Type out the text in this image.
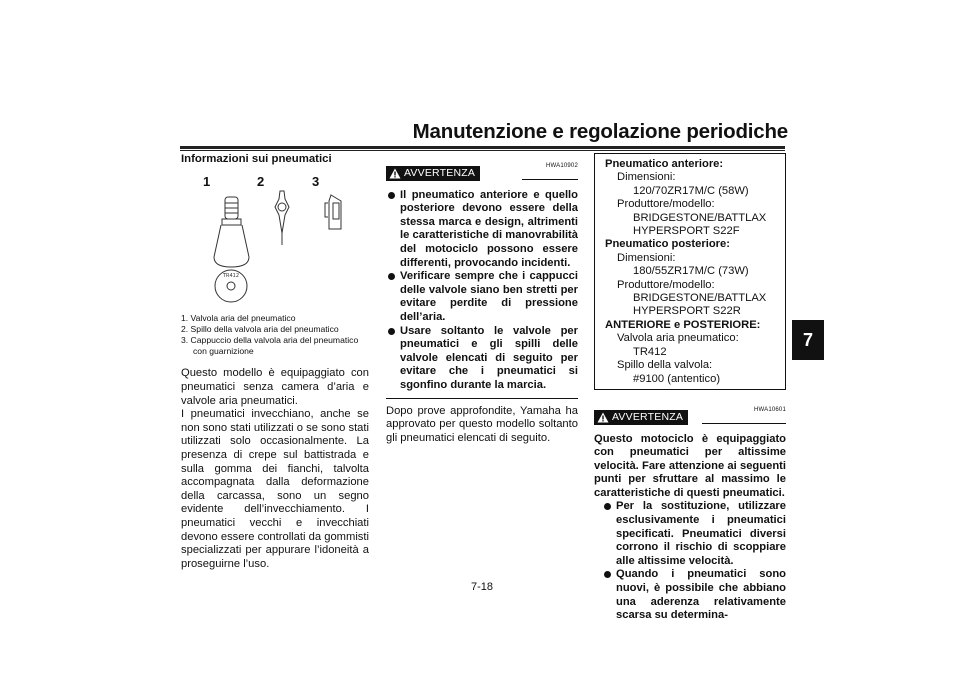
Manutenzione e regolazione periodiche
7
Informazioni sui pneumatici
1	2	3
TR412
1. Valvola aria del pneumatico
2. Spillo della valvola aria del pneumatico
3. Cappuccio della valvola aria del pneumatico con guarnizione

Questo modello è equipaggiato con pneumatici senza camera d’aria e valvole aria pneumatici.

I pneumatici invecchiano, anche se non sono stati utilizzati o se sono stati utilizzati solo occasionalmente. La presenza di crepe sul battistrada e sulla gomma dei fianchi, talvolta accompagnata dalla deformazione della carcassa, sono un segno evidente dell’invecchiamento. I pneumatici vecchi e invecchiati devono essere controllati da gommisti specializzati per appurare l’idoneità a proseguirne l’uso.

AVVERTENZA
HWA10902
Il pneumatico anteriore e quello posteriore devono essere della stessa marca e design, altrimenti le caratteristiche di manovrabilità del motociclo possono essere differenti, provocando incidenti.
Verificare sempre che i cappucci delle valvole siano ben stretti per evitare perdite di pressione dell’aria.
Usare soltanto le valvole per pneumatici e gli spilli delle valvole elencati di seguito per evitare che i pneumatici si sgonfino durante la marcia.
Dopo prove approfondite, Yamaha ha approvato per questo modello soltanto gli pneumatici elencati di seguito.
Pneumatico anteriore:
Dimensioni:
120/70ZR17M/C (58W)
Produttore/modello:
BRIDGESTONE/BATTLAX
HYPERSPORT S22F
Pneumatico posteriore:
Dimensioni:
180/55ZR17M/C (73W)
Produttore/modello:
BRIDGESTONE/BATTLAX
HYPERSPORT S22R
ANTERIORE e POSTERIORE:
Valvola aria pneumatico:
TR412
Spillo della valvola:
#9100 (antentico)
AVVERTENZA
HWA10601
Questo motociclo è equipaggiato con pneumatici per altissime velocità. Fare attenzione ai seguenti punti per sfruttare al massimo le caratteristiche di questi pneumatici.
Per la sostituzione, utilizzare esclusivamente i pneumatici specificati. Pneumatici diversi corrono il rischio di scoppiare alle altissime velocità.
Quando i pneumatici sono nuovi, è possibile che abbiano una aderenza relativamente scarsa su determina-
7-18
